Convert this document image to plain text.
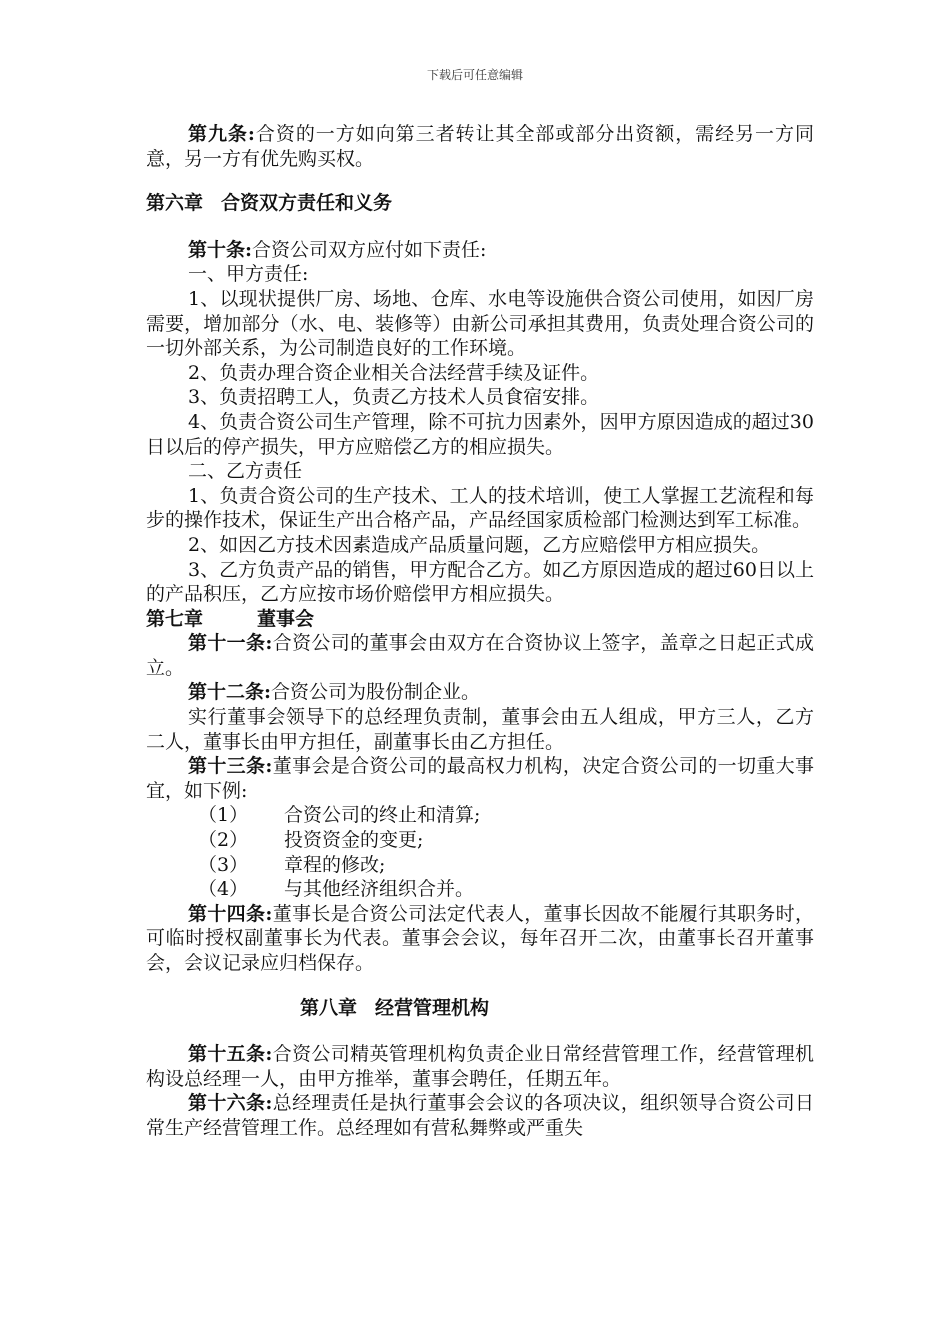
下载后可任意编辑

第九条:合资的一方如向第三者转让其全部或部分出资额，需经另一方同意，另一方有优先购买权。

第六章 合资双方责任和义务

第十条:合资公司双方应付如下责任:

一、甲方责任:

1、以现状提供厂房、场地、仓库、水电等设施供合资公司使用，如因厂房需要，增加部分（水、电、装修等）由新公司承担其费用，负责处理合资公司的一切外部关系，为公司制造良好的工作环境。

2、负责办理合资企业相关合法经营手续及证件。

3、负责招聘工人，负责乙方技术人员食宿安排。

4、负责合资公司生产管理，除不可抗力因素外，因甲方原因造成的超过30日以后的停产损失，甲方应赔偿乙方的相应损失。

二、乙方责任

1、负责合资公司的生产技术、工人的技术培训，使工人掌握工艺流程和每步的操作技术，保证生产出合格产品，产品经国家质检部门检测达到军工标准。

2、如因乙方技术因素造成产品质量问题，乙方应赔偿甲方相应损失。

3、乙方负责产品的销售，甲方配合乙方。如乙方原因造成的超过60日以上的产品积压，乙方应按市场价赔偿甲方相应损失。

第七章	董事会

第十一条:合资公司的董事会由双方在合资协议上签字，盖章之日起正式成立。

第十二条:合资公司为股份制企业。

实行董事会领导下的总经理负责制，董事会由五人组成，甲方三人，乙方二人，董事长由甲方担任，副董事长由乙方担任。

第十三条:董事会是合资公司的最高权力机构，决定合资公司的一切重大事宜，如下例:

（1） 合资公司的终止和清算;

（2） 投资资金的变更;

（3） 章程的修改;

（4） 与其他经济组织合并。

第十四条:董事长是合资公司法定代表人，董事长因故不能履行其职务时，可临时授权副董事长为代表。董事会会议，每年召开二次，由董事长召开董事会，会议记录应归档保存。

第八章 经营管理机构

第十五条:合资公司精英管理机构负责企业日常经营管理工作，经营管理机构设总经理一人，由甲方推举，董事会聘任，任期五年。

第十六条:总经理责任是执行董事会会议的各项决议，组织领导合资公司日常生产经营管理工作。总经理如有营私舞弊或严重失
